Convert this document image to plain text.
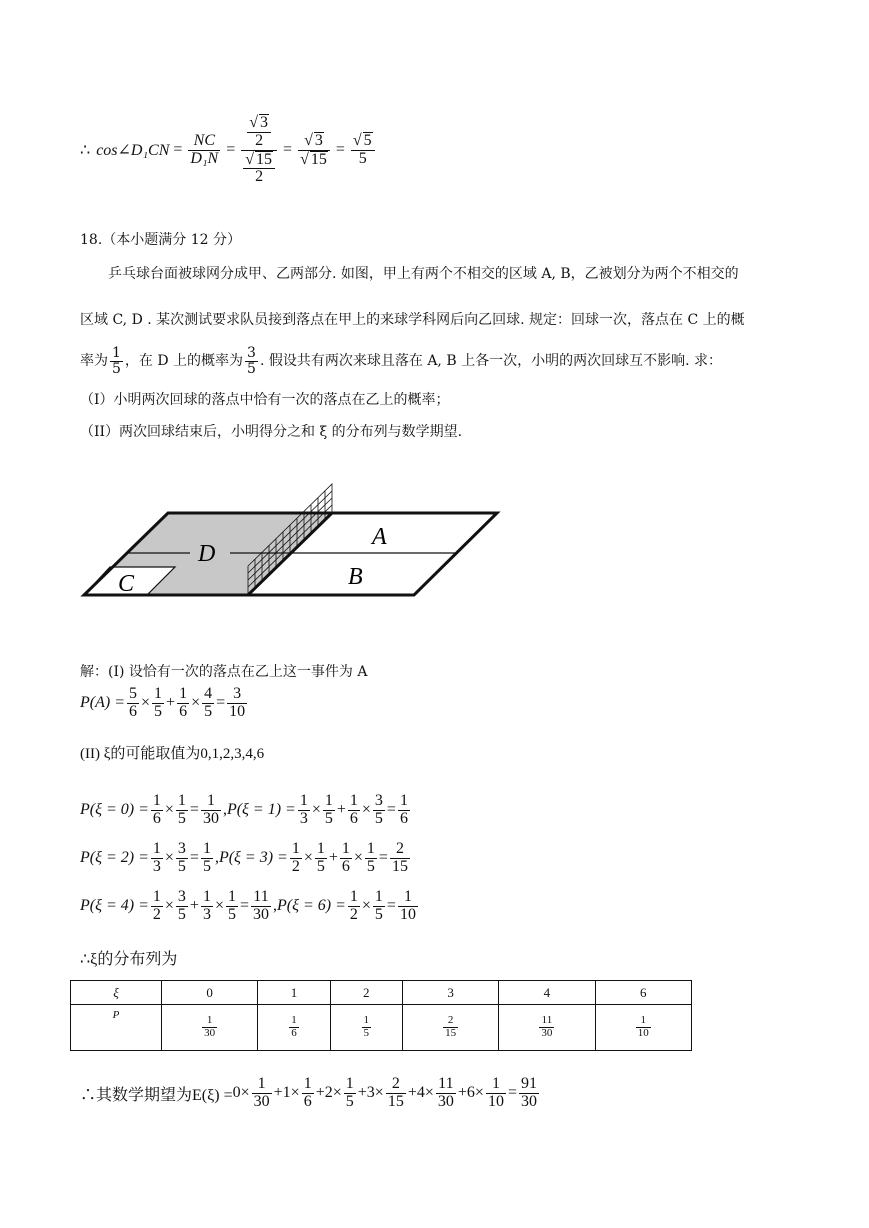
∴ cos∠D₁CN = $\frac{NC}{\text{D₁N}} = \frac{\frac{√ 3}{2}}{\frac{√ 15}{2}} = \frac{√ 3}{√ 15} = \frac{√ 5}{5}$
18.（本小题满分 12 分）
乒乓球台面被球网分成甲、乙两部分. 如图，甲上有两个不相交的区域 A, B，乙被划分为两个不相交的
区域 C, D . 某次测试要求队员接到落点在甲上的来球学科网后向乙回球. 规定：回球一次，落点在 C 上的概
率为 $\frac{1}{5}$ ，在 D 上的概率为 $\frac{3}{5}$ . 假设共有两次来球且落在 A, B 上各一次，小明的两次回球互不影响. 求：
（I）小明两次回球的落点中恰有一次的落点在乙上的概率；
（II）两次回球结束后，小明得分之和 ξ 的分布列与数学期望.
A
B
C
D
解：(I) 设恰有一次的落点在乙上这一事件为 A
$P(A) = \frac{5}{6} \times \frac{1}{5} + \frac{1}{6} \times \frac{4}{5} = \frac{3}{10}$
(II) ξ的可能取值为0,1,2,3,4,6
$P(\xi = 0) = \frac{1}{6} \times \frac{1}{5} = \frac{1}{30}$ , $P(\xi = 1) = \frac{1}{3} \times \frac{1}{5} + \frac{1}{6} \times \frac{3}{5} = \frac{1}{6}$
$P(\xi = 2) = \frac{1}{3} \times \frac{3}{5} = \frac{1}{5}$ , $P(\xi = 3) = \frac{1}{2} \times \frac{1}{5} + \frac{1}{6} \times \frac{1}{5} = \frac{2}{15}$
$P(\xi = 4) = \frac{1}{2} \times \frac{3}{5} + \frac{1}{3} \times \frac{1}{5} = \frac{11}{30}$ , $P(\xi = 6) = \frac{1}{2} \times \frac{1}{5} = \frac{1}{10}$
∴ξ的分布列为
ξ	0	1	2	3	4	6
P	$\frac{1}{30}$	$\frac{1}{6}$	$\frac{1}{5}$	$\frac{2}{15}$	$\frac{11}{30}$	$\frac{1}{10}$
∴其数学期望为$E(\xi) = 0\times \frac{1}{30} + 1\times \frac{1}{6} + 2\times \frac{1}{5} + 3\times \frac{2}{15} + 4\times \frac{11}{30} + 6\times \frac{1}{10} = \frac{91}{30}$
